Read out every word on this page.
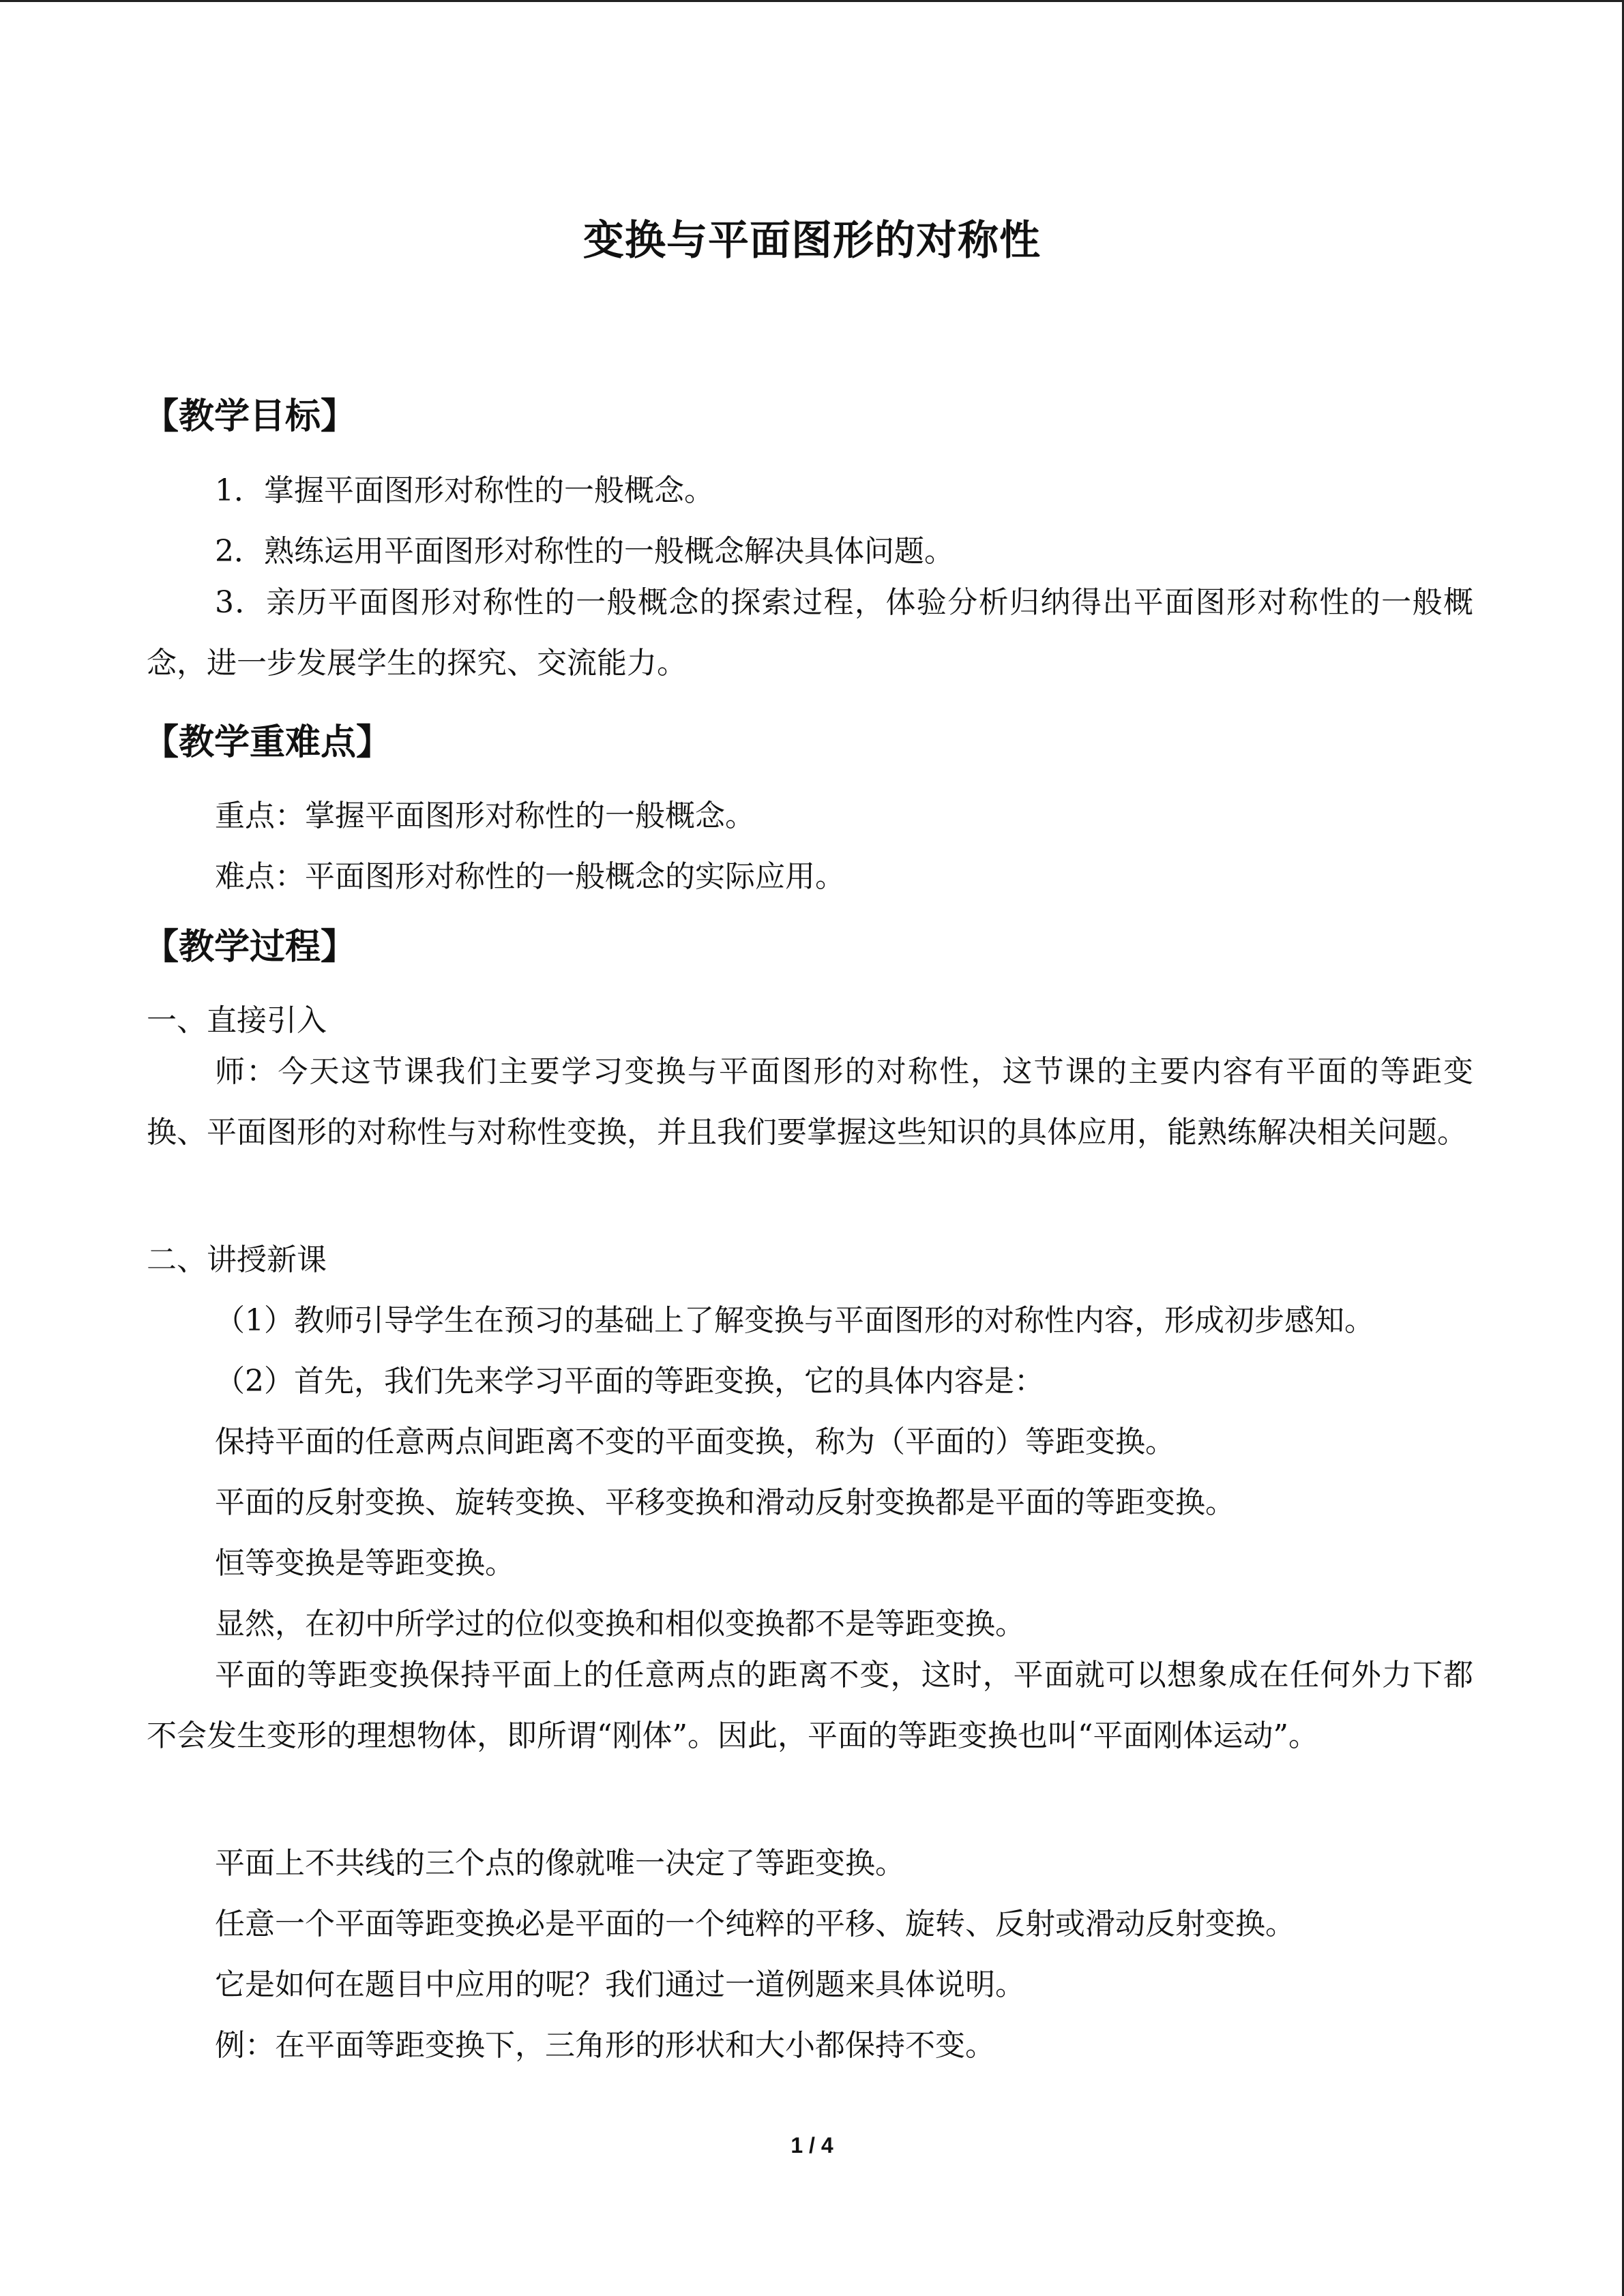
变换与平面图形的对称性
【教学目标】
1．掌握平面图形对称性的一般概念。
2．熟练运用平面图形对称性的一般概念解决具体问题。
3．亲历平面图形对称性的一般概念的探索过程，体验分析归纳得出平面图形对称性的一般概念，进一步发展学生的探究、交流能力。
【教学重难点】
重点：掌握平面图形对称性的一般概念。
难点：平面图形对称性的一般概念的实际应用。
【教学过程】
一、直接引入
师：今天这节课我们主要学习变换与平面图形的对称性，这节课的主要内容有平面的等距变换、平面图形的对称性与对称性变换，并且我们要掌握这些知识的具体应用，能熟练解决相关问题。
二、讲授新课
（1）教师引导学生在预习的基础上了解变换与平面图形的对称性内容，形成初步感知。
（2）首先，我们先来学习平面的等距变换，它的具体内容是：
保持平面的任意两点间距离不变的平面变换，称为（平面的）等距变换。
平面的反射变换、旋转变换、平移变换和滑动反射变换都是平面的等距变换。
恒等变换是等距变换。
显然，在初中所学过的位似变换和相似变换都不是等距变换。
平面的等距变换保持平面上的任意两点的距离不变，这时，平面就可以想象成在任何外力下都不会发生变形的理想物体，即所谓“刚体”。因此，平面的等距变换也叫“平面刚体运动”。
平面上不共线的三个点的像就唯一决定了等距变换。
任意一个平面等距变换必是平面的一个纯粹的平移、旋转、反射或滑动反射变换。
它是如何在题目中应用的呢？我们通过一道例题来具体说明。
例：在平面等距变换下，三角形的形状和大小都保持不变。
1 / 4
